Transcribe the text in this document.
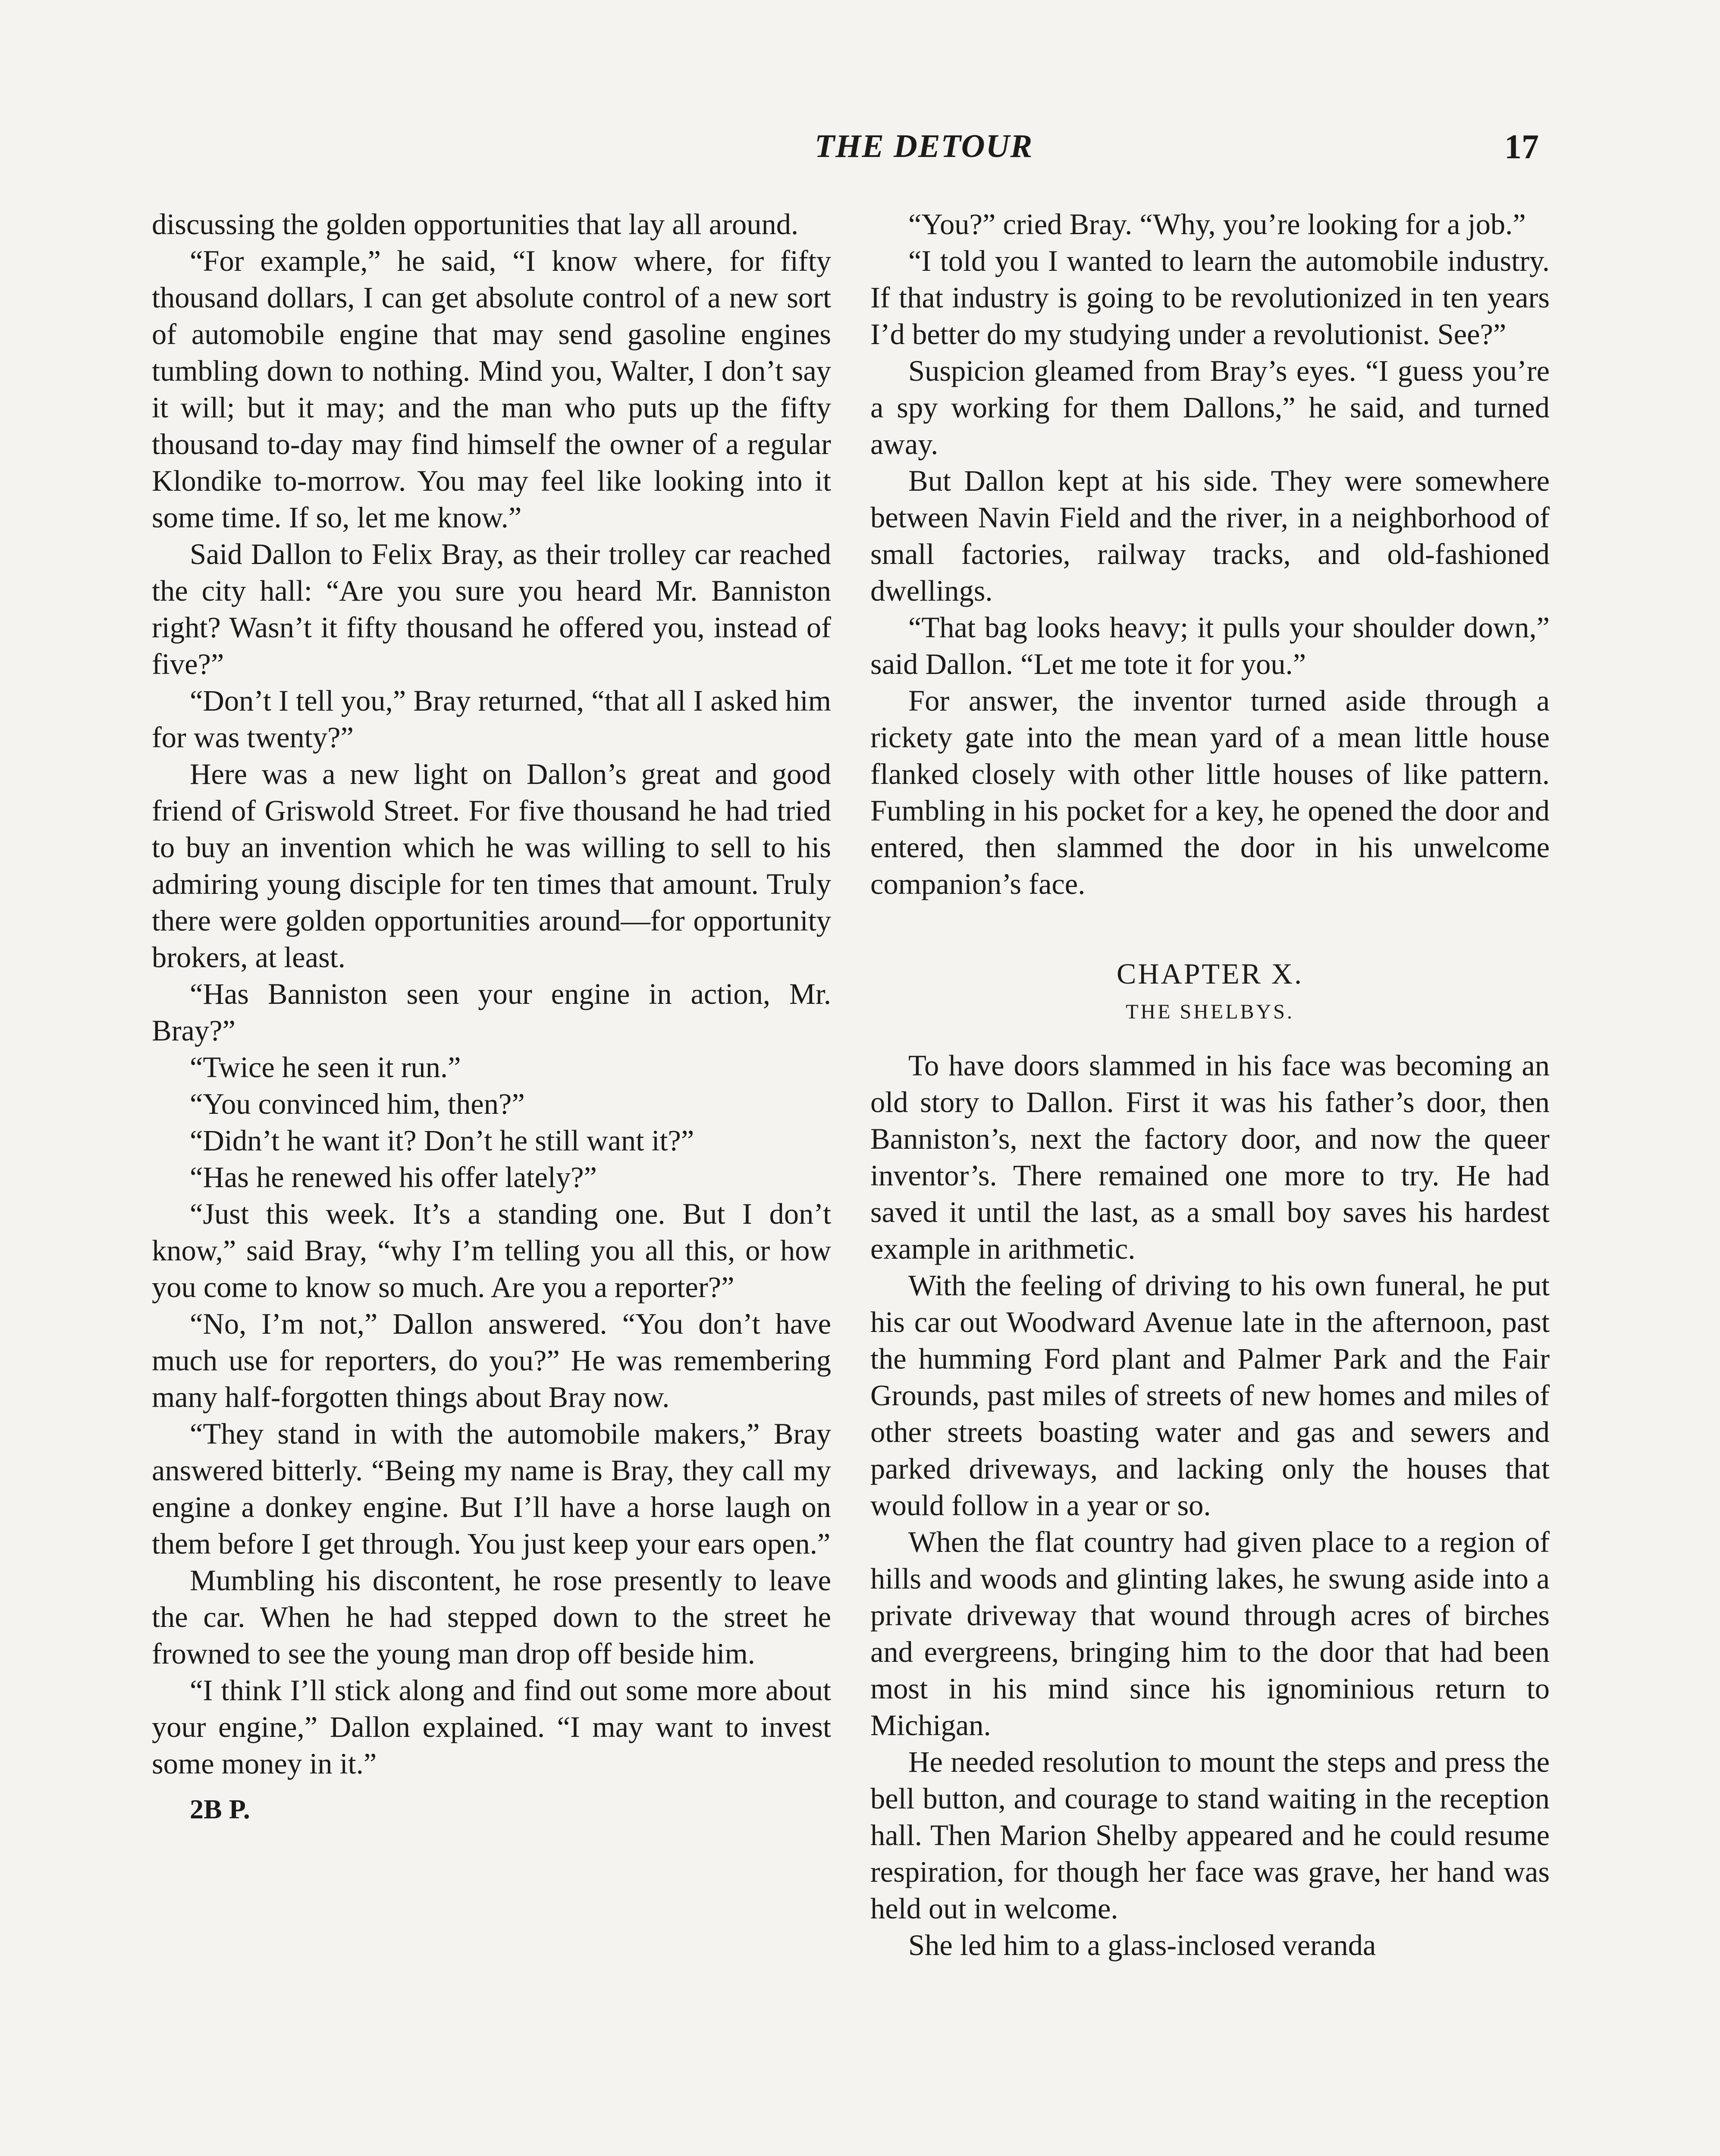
THE DETOUR	17

discussing the golden opportunities that lay all around.

“For example,” he said, “I know where, for fifty thousand dollars, I can get absolute control of a new sort of automobile engine that may send gasoline engines tumbling down to nothing. Mind you, Walter, I don’t say it will; but it may; and the man who puts up the fifty thousand to-day may find himself the owner of a regular Klondike to-morrow. You may feel like looking into it some time. If so, let me know.”

Said Dallon to Felix Bray, as their trolley car reached the city hall: “Are you sure you heard Mr. Banniston right? Wasn’t it fifty thousand he offered you, instead of five?”

“Don’t I tell you,” Bray returned, “that all I asked him for was twenty?”

Here was a new light on Dallon’s great and good friend of Griswold Street. For five thousand he had tried to buy an invention which he was willing to sell to his admiring young disciple for ten times that amount. Truly there were golden opportunities around—for opportunity brokers, at least.

“Has Banniston seen your engine in action, Mr. Bray?”

“Twice he seen it run.”

“You convinced him, then?”

“Didn’t he want it? Don’t he still want it?”

“Has he renewed his offer lately?”

“Just this week. It’s a standing one. But I don’t know,” said Bray, “why I’m telling you all this, or how you come to know so much. Are you a reporter?”

“No, I’m not,” Dallon answered. “You don’t have much use for reporters, do you?” He was remembering many half-forgotten things about Bray now.

“They stand in with the automobile makers,” Bray answered bitterly. “Being my name is Bray, they call my engine a donkey engine. But I’ll have a horse laugh on them before I get through. You just keep your ears open.”

Mumbling his discontent, he rose presently to leave the car. When he had stepped down to the street he frowned to see the young man drop off beside him.

“I think I’ll stick along and find out some more about your engine,” Dallon explained. “I may want to invest some money in it.”

2B P.

“You?” cried Bray. “Why, you’re looking for a job.”

“I told you I wanted to learn the automobile industry. If that industry is going to be revolutionized in ten years I’d better do my studying under a revolutionist. See?”

Suspicion gleamed from Bray’s eyes. “I guess you’re a spy working for them Dallons,” he said, and turned away.

But Dallon kept at his side. They were somewhere between Navin Field and the river, in a neighborhood of small factories, railway tracks, and old-fashioned dwellings.

“That bag looks heavy; it pulls your shoulder down,” said Dallon. “Let me tote it for you.”

For answer, the inventor turned aside through a rickety gate into the mean yard of a mean little house flanked closely with other little houses of like pattern. Fumbling in his pocket for a key, he opened the door and entered, then slammed the door in his unwelcome companion’s face.

CHAPTER X.
THE SHELBYS.

To have doors slammed in his face was becoming an old story to Dallon. First it was his father’s door, then Banniston’s, next the factory door, and now the queer inventor’s. There remained one more to try. He had saved it until the last, as a small boy saves his hardest example in arithmetic.

With the feeling of driving to his own funeral, he put his car out Woodward Avenue late in the afternoon, past the humming Ford plant and Palmer Park and the Fair Grounds, past miles of streets of new homes and miles of other streets boasting water and gas and sewers and parked driveways, and lacking only the houses that would follow in a year or so.

When the flat country had given place to a region of hills and woods and glinting lakes, he swung aside into a private driveway that wound through acres of birches and evergreens, bringing him to the door that had been most in his mind since his ignominious return to Michigan.

He needed resolution to mount the steps and press the bell button, and courage to stand waiting in the reception hall. Then Marion Shelby appeared and he could resume respiration, for though her face was grave, her hand was held out in welcome.

She led him to a glass-inclosed veranda
